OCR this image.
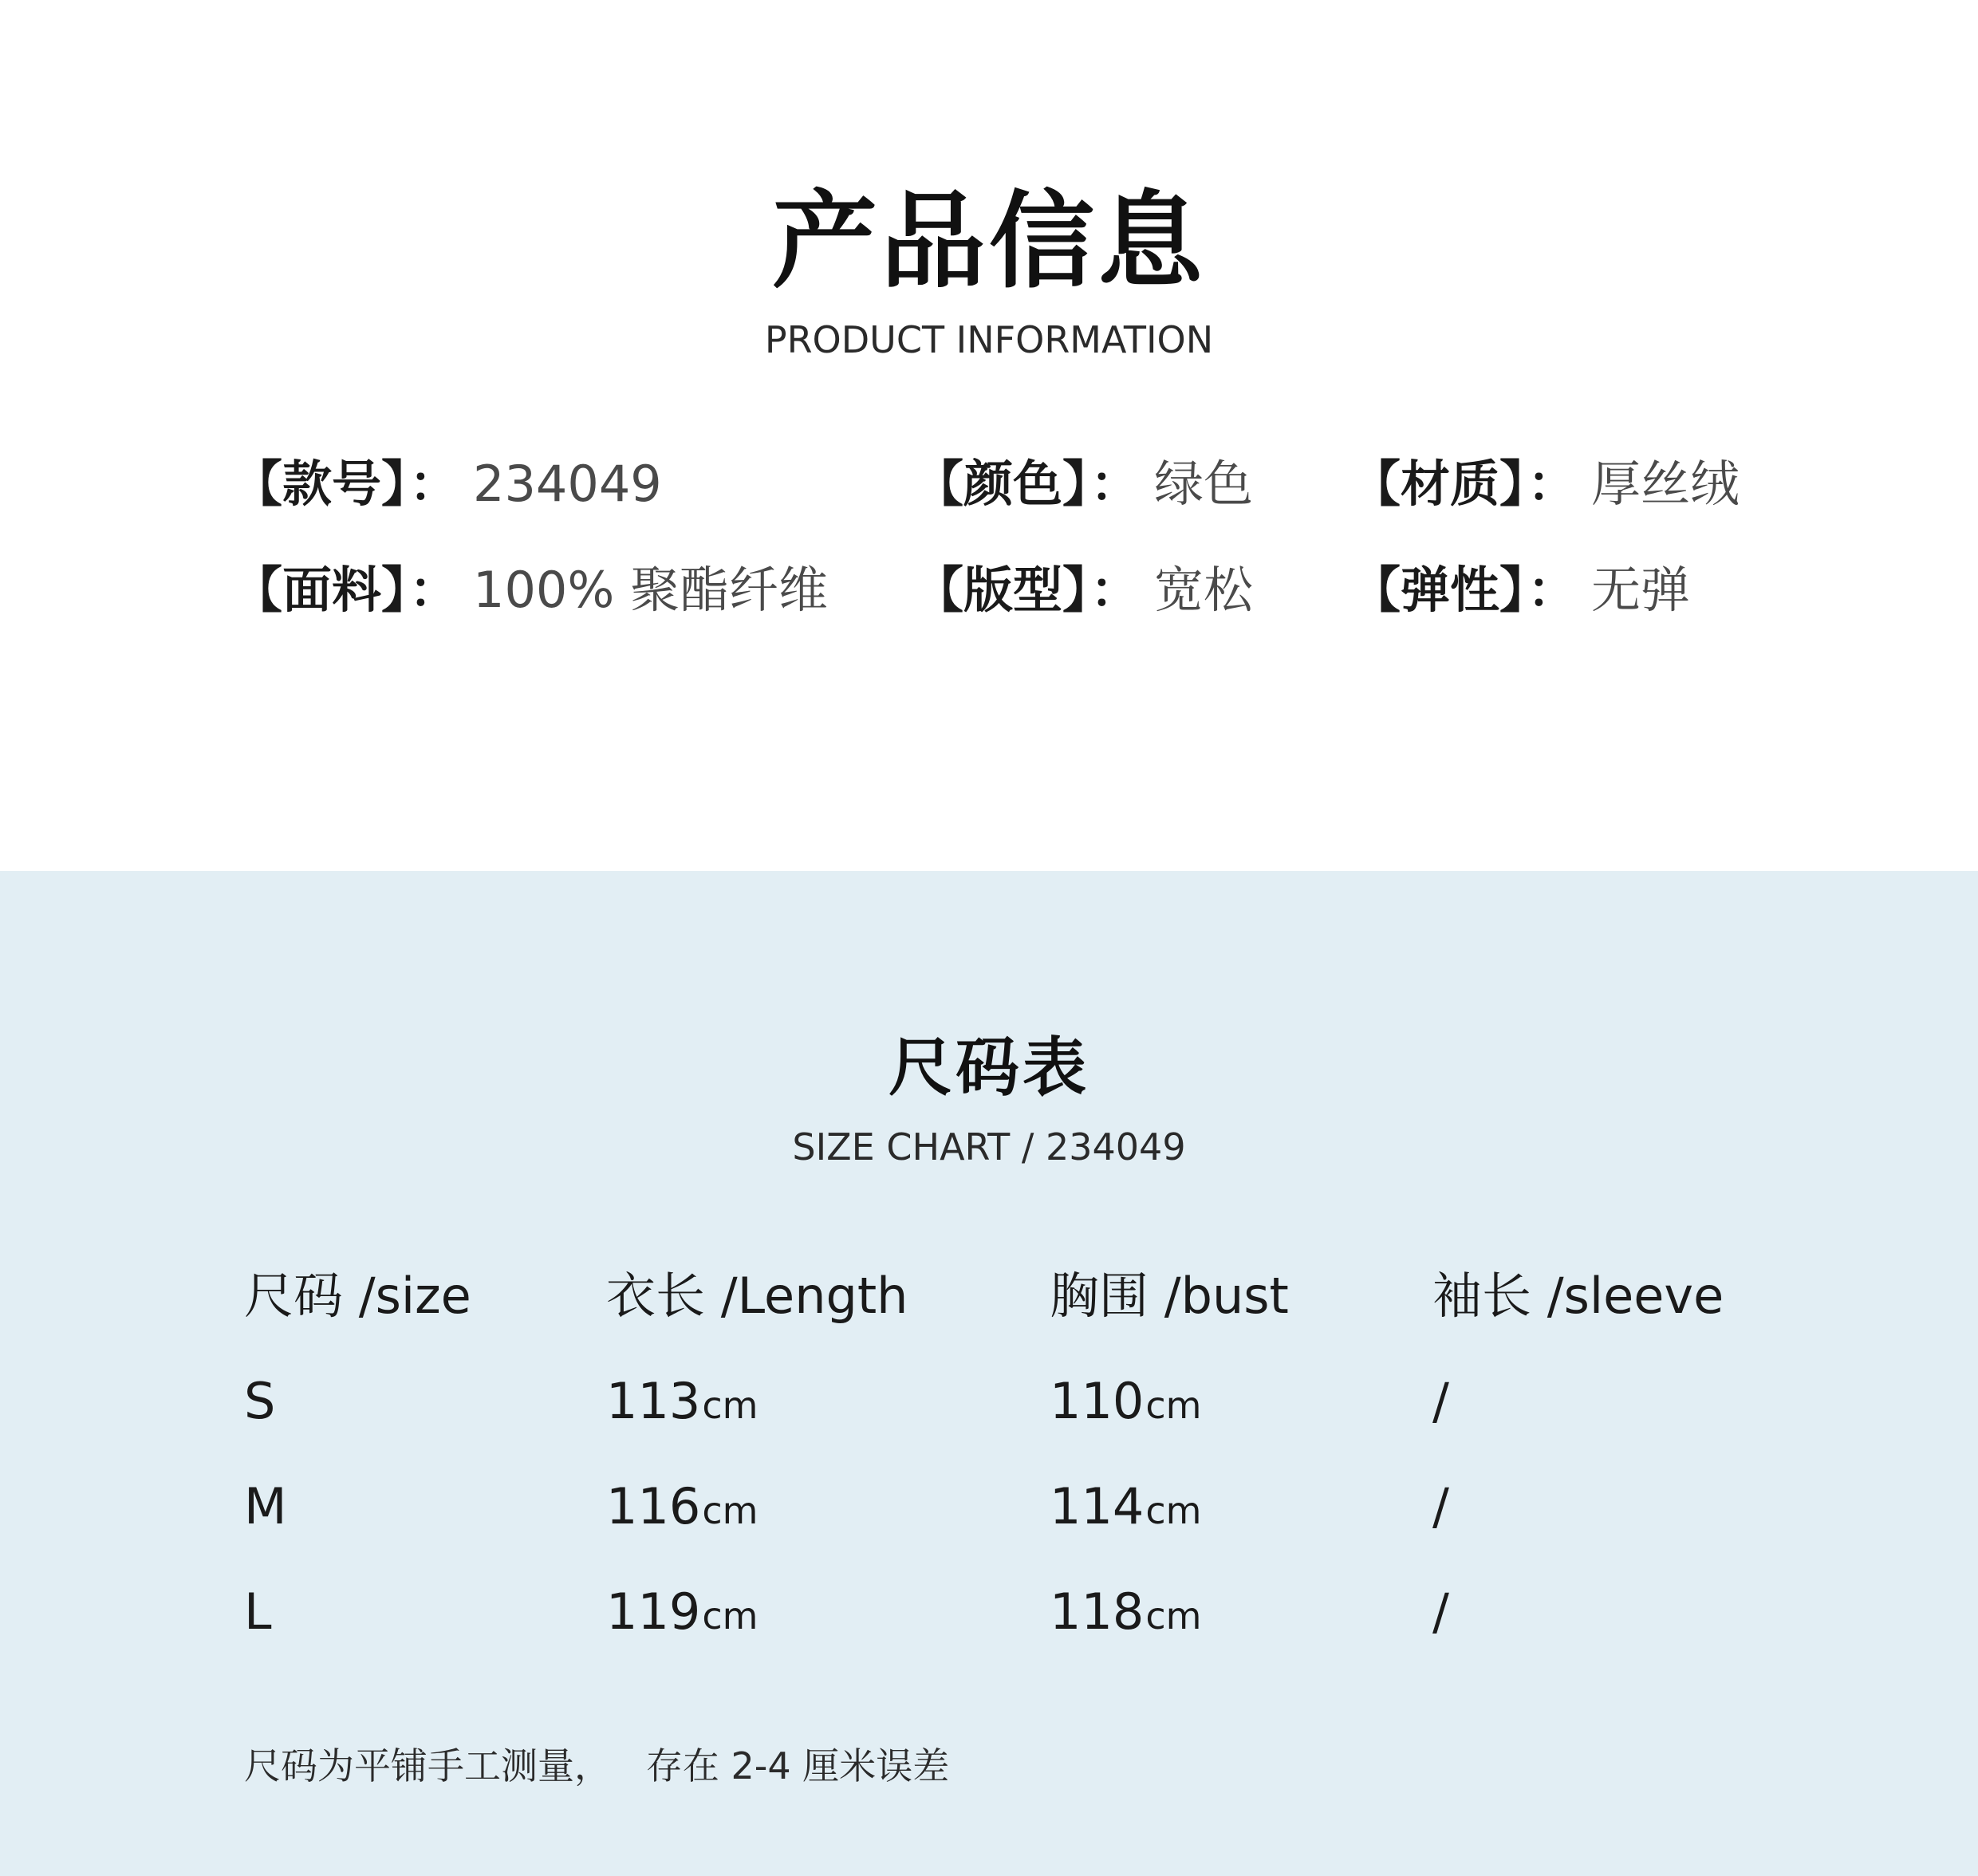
产品信息
PRODUCT INFORMATION
【款号】： 234049	【颜色】： 绿色 【材质】： 厚丝绒
【面料】： 100% 聚酯纤维 【版型】： 宽松 【弹性】： 无弹
尺码表
SIZE CHART / 234049
尺码 /size	衣长 /Length	胸围 /bust	袖长 /sleeve
S	113cm	110cm	/
M	116cm	114cm	/
L	119cm	118cm	/
尺码为平铺手工测量，   存在 2-4 厘米误差
